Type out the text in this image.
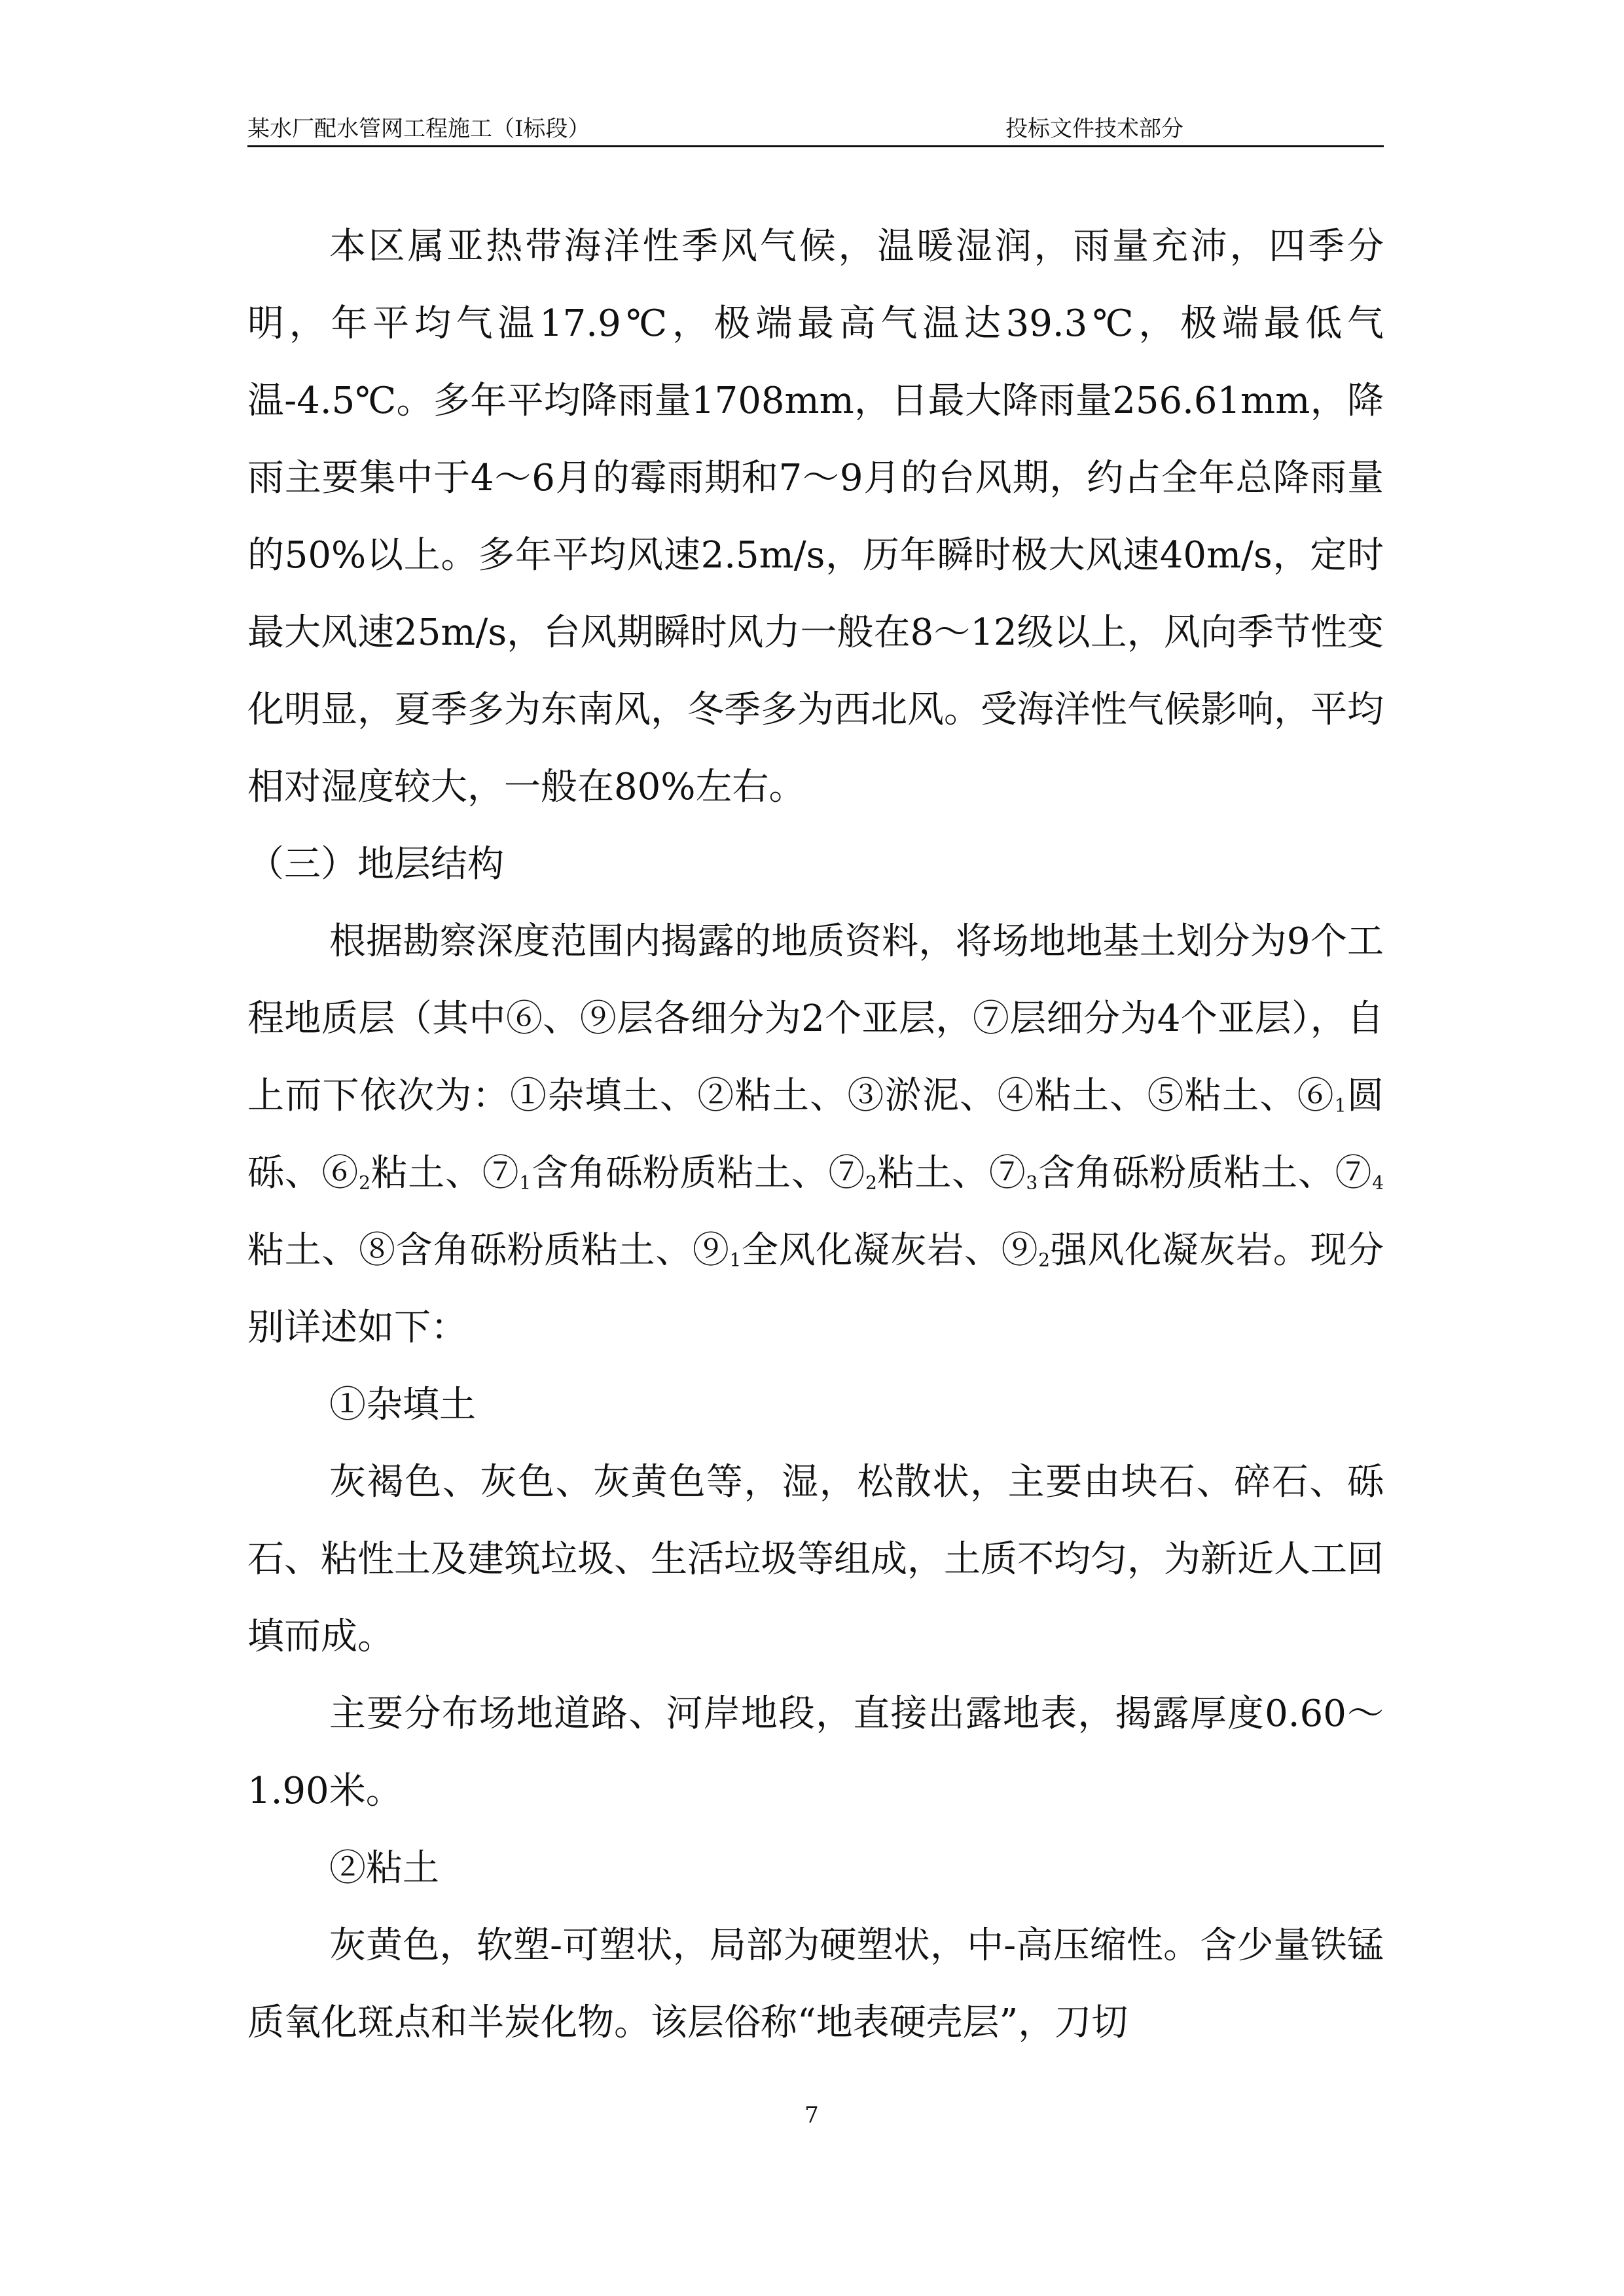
某水厂配水管网工程施工（Ⅰ标段）	投标文件技术部分

本区属亚热带海洋性季风气候，温暖湿润，雨量充沛，四季分明，年平均气温17.9℃，极端最高气温达39.3℃，极端最低气温-4.5℃。多年平均降雨量1708mm，日最大降雨量256.61mm，降雨主要集中于4～6月的霉雨期和7～9月的台风期，约占全年总降雨量的50%以上。多年平均风速2.5m/s，历年瞬时极大风速40m/s，定时最大风速25m/s，台风期瞬时风力一般在8～12级以上，风向季节性变化明显，夏季多为东南风，冬季多为西北风。受海洋性气候影响，平均相对湿度较大，一般在80%左右。

（三）地层结构

根据勘察深度范围内揭露的地质资料，将场地地基土划分为9个工程地质层（其中⑥、⑨层各细分为2个亚层，⑦层细分为4个亚层），自上而下依次为：①杂填土、②粘土、③淤泥、④粘土、⑤粘土、$⑥_1$圆砾、$⑥_2$粘土、$⑦_1$含角砾粉质粘土、$⑦_2$粘土、$⑦_3$含角砾粉质粘土、$⑦_4$粘土、⑧含角砾粉质粘土、$⑨_1$全风化凝灰岩、$⑨_2$强风化凝灰岩。现分别详述如下：

①杂填土

灰褐色、灰色、灰黄色等，湿，松散状，主要由块石、碎石、砾石、粘性土及建筑垃圾、生活垃圾等组成，土质不均匀，为新近人工回填而成。

主要分布场地道路、河岸地段，直接出露地表，揭露厚度0.60～1.90米。

②粘土

灰黄色，软塑-可塑状，局部为硬塑状，中-高压缩性。含少量铁锰质氧化斑点和半炭化物。该层俗称“地表硬壳层”，刀切

7
